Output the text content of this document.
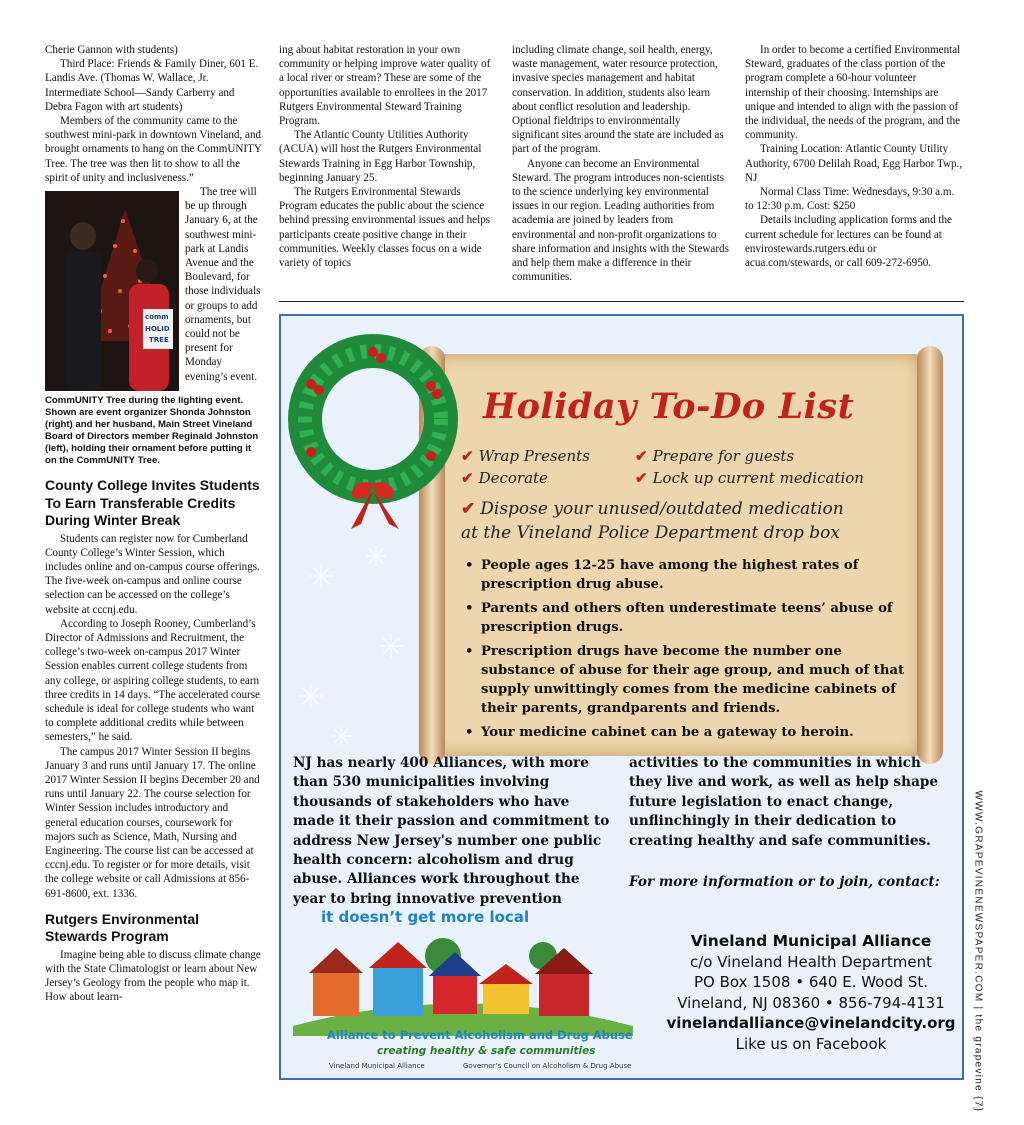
Cherie Gannon with students)

Third Place: Friends & Family Diner, 601 E. Landis Ave. (Thomas W. Wallace, Jr. Intermediate School—Sandy Carberry and Debra Fagon with art students)

Members of the community came to the southwest mini-park in downtown Vineland, and brought ornaments to hang on the CommUNITY Tree. The tree was then lit to show to all the spirit of unity and inclusiveness.”

comm
HOLID
TREE

The tree will be up through January 6, at the southwest mini-park at Landis Avenue and the Boulevard, for those individuals or groups to add ornaments, but could not be present for Monday evening’s event.

CommUNITY Tree during the lighting event. Shown are event organizer Shonda Johnston (right) and her husband, Main Street Vineland Board of Directors member Reginald Johnston (left), holding their ornament before putting it on the CommUNITY Tree.
County College Invites Students To Earn Transferable Credits During Winter Break

Students can register now for Cumberland County College’s Winter Session, which includes online and on-campus course offerings. The five-week on-campus and online course selection can be accessed on the college’s website at cccnj.edu.

According to Joseph Rooney, Cumberland’s Director of Admissions and Recruitment, the college’s two-week on-campus 2017 Winter Session enables current college students from any college, or aspiring college students, to earn three credits in 14 days. “The accelerated course schedule is ideal for college students who want to complete additional credits while between semesters,” he said.

The campus 2017 Winter Session II begins January 3 and runs until January 17. The online 2017 Winter Session II begins December 20 and runs until January 22. The course selection for Winter Session includes introductory and general education courses, coursework for majors such as Science, Math, Nursing and Engineering. The course list can be accessed at cccnj.edu. To register or for more details, visit the college website or call Admissions at 856-691-8600, ext. 1336.

Rutgers Environmental Stewards Program

Imagine being able to discuss climate change with the State Climatologist or learn about New Jersey’s Geology from the people who map it. How about learn-

ing about habitat restoration in your own community or helping improve water quality of a local river or stream? These are some of the opportunities available to enrollees in the 2017 Rutgers Environmental Steward Training Program.

The Atlantic County Utilities Authority (ACUA) will host the Rutgers Environmental Stewards Training in Egg Harbor Township, beginning January 25.

The Rutgers Environmental Stewards Program educates the public about the science behind pressing environmental issues and helps participants create positive change in their communities. Weekly classes focus on a wide variety of topics

including climate change, soil health, energy, waste management, water resource protection, invasive species management and habitat conservation. In addition, students also learn about conflict resolution and leadership. Optional fieldtrips to environmentally significant sites around the state are included as part of the program.

Anyone can become an Environmental Steward. The program introduces non-scientists to the science underlying key environmental issues in our region. Leading authorities from academia are joined by leaders from environmental and non-profit organizations to share information and insights with the Stewards and help them make a difference in their communities.

In order to become a certified Environmental Steward, graduates of the class portion of the program complete a 60-hour volunteer internship of their choosing. Internships are unique and intended to align with the passion of the individual, the needs of the program, and the community.

Training Location: Atlantic County Utility Authority, 6700 Delilah Road, Egg Harbor Twp., NJ

Normal Class Time: Wednesdays, 9:30 a.m. to 12:30 p.m. Cost: $250

Details including application forms and the current schedule for lectures can be found at envirostewards.rutgers.edu or acua.com/stewards, or call 609-272-6950.

Holiday To-Do List
✔ Wrap Presents	✔ Prepare for guests
✔ Decorate	✔ Lock up current medication
✔ Dispose your unused/outdated medication
at the Vineland Police Department drop box
• People ages 12-25 have among the highest rates of prescription drug abuse.
• Parents and others often underestimate teens’ abuse of prescription drugs.
• Prescription drugs have become the number one substance of abuse for their age group, and much of that supply unwittingly comes from the medicine cabinets of their parents, grandparents and friends.
• Your medicine cabinet can be a gateway to heroin.
NJ has nearly 400 Alliances, with more than 530 municipalities involving thousands of stakeholders who have made it their passion and commitment to address New Jersey's number one public health concern: alcoholism and drug abuse. Alliances work throughout the year to bring innovative prevention
activities to the communities in which they live and work, as well as help shape future legislation to enact change, unflinchingly in their dedication to creating healthy and safe communities.
For more information or to join, contact:
it doesn’t get more local
Alliance to Prevent Alcoholism and Drug Abuse
creating healthy & safe communities
Vineland Municipal Alliance	Governor’s Council on Alcoholism & Drug Abuse
Vineland Municipal Alliance
c/o Vineland Health Department
PO Box 1508 • 640 E. Wood St.
Vineland, NJ 08360 • 856-794-4131
vinelandalliance@vinelandcity.org
Like us on Facebook	WWW.GRAPEVINENEWSPAPER.COM | the grapevine {7}
